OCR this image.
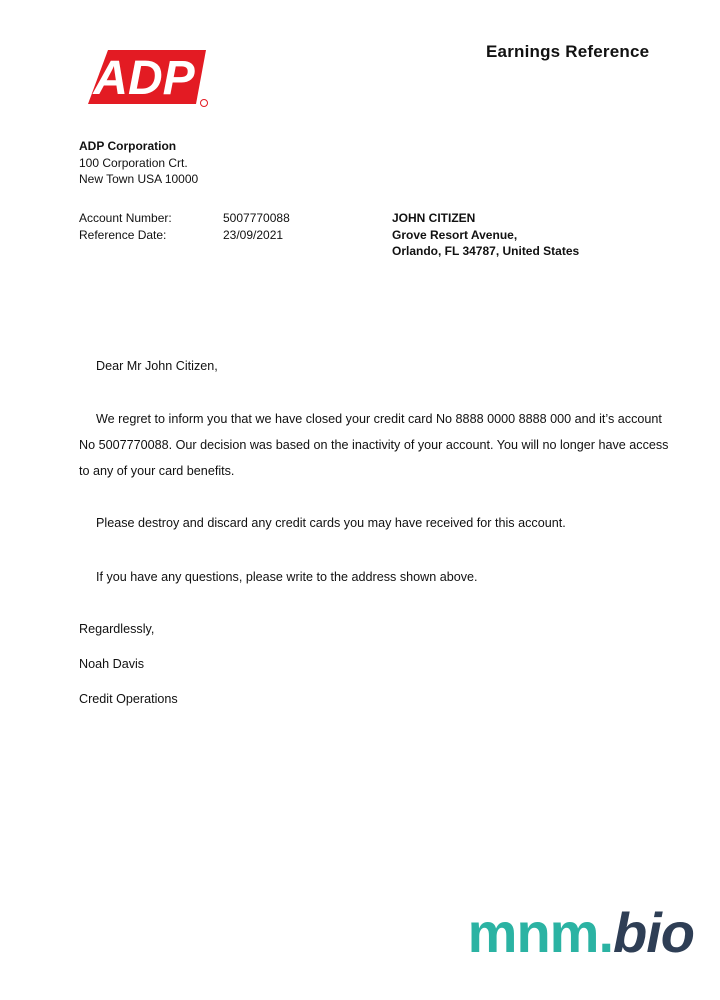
ADP
Earnings Reference
ADP Corporation
100 Corporation Crt.
New Town USA 10000
Account Number:	5007770088
Reference Date:	23/09/2021
JOHN CITIZEN
Grove Resort Avenue,
Orlando, FL 34787, United States
Dear Mr John Citizen,
We regret to inform you that we have closed your credit card No 8888 0000 8888 000 and it’s account No 5007770088. Our decision was based on the inactivity of your account. You will no longer have access to any of your card benefits.
Please destroy and discard any credit cards you may have received for this account.
If you have any questions, please write to the address shown above.
Regardlessly,
Noah Davis
Credit Operations
mnm.bio
